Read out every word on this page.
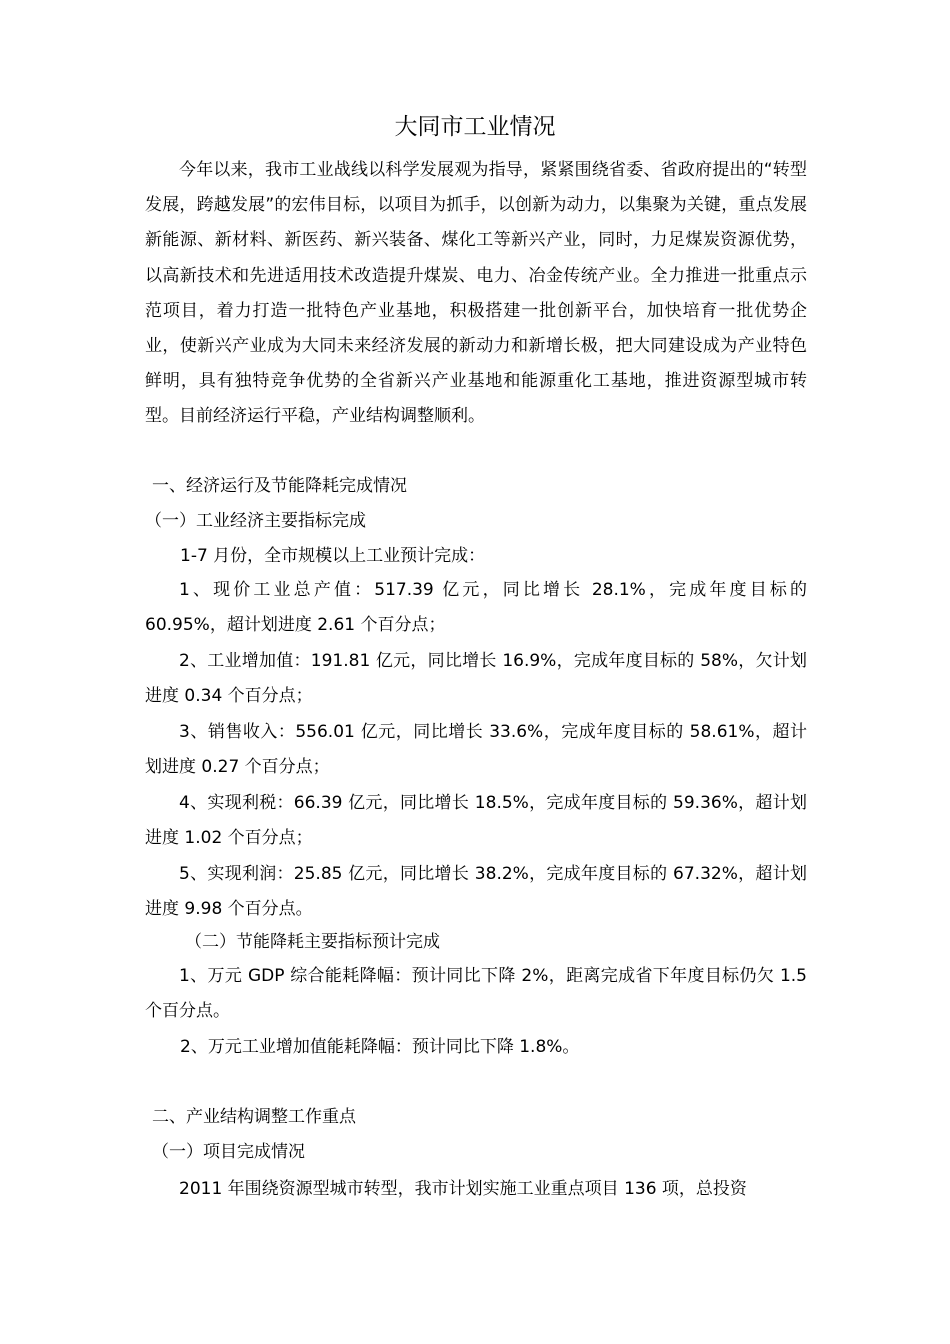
大同市工业情况

今年以来，我市工业战线以科学发展观为指导，紧紧围绕省委、省政府提出的“转型发展，跨越发展”的宏伟目标，以项目为抓手，以创新为动力，以集聚为关键，重点发展新能源、新材料、新医药、新兴装备、煤化工等新兴产业，同时，力足煤炭资源优势，以高新技术和先进适用技术改造提升煤炭、电力、冶金传统产业。全力推进一批重点示范项目，着力打造一批特色产业基地，积极搭建一批创新平台，加快培育一批优势企业，使新兴产业成为大同未来经济发展的新动力和新增长极，把大同建设成为产业特色鲜明，具有独特竞争优势的全省新兴产业基地和能源重化工基地，推进资源型城市转型。目前经济运行平稳，产业结构调整顺利。

一、经济运行及节能降耗完成情况

（一）工业经济主要指标完成

1-7 月份，全市规模以上工业预计完成：

1、现价工业总产值：517.39 亿元，同比增长 28.1%，完成年度目标的 60.95%，超计划进度 2.61 个百分点；

2、工业增加值：191.81 亿元，同比增长 16.9%，完成年度目标的 58%，欠计划进度 0.34 个百分点；

3、销售收入：556.01 亿元，同比增长 33.6%，完成年度目标的 58.61%，超计划进度 0.27 个百分点；

4、实现利税：66.39 亿元，同比增长 18.5%，完成年度目标的 59.36%，超计划进度 1.02 个百分点；

5、实现利润：25.85 亿元，同比增长 38.2%，完成年度目标的 67.32%，超计划进度 9.98 个百分点。

（二）节能降耗主要指标预计完成

1、万元 GDP 综合能耗降幅：预计同比下降 2%，距离完成省下年度目标仍欠 1.5 个百分点。

2、万元工业增加值能耗降幅：预计同比下降 1.8%。

二、产业结构调整工作重点

（一）项目完成情况

2011 年围绕资源型城市转型，我市计划实施工业重点项目 136 项，总投资
